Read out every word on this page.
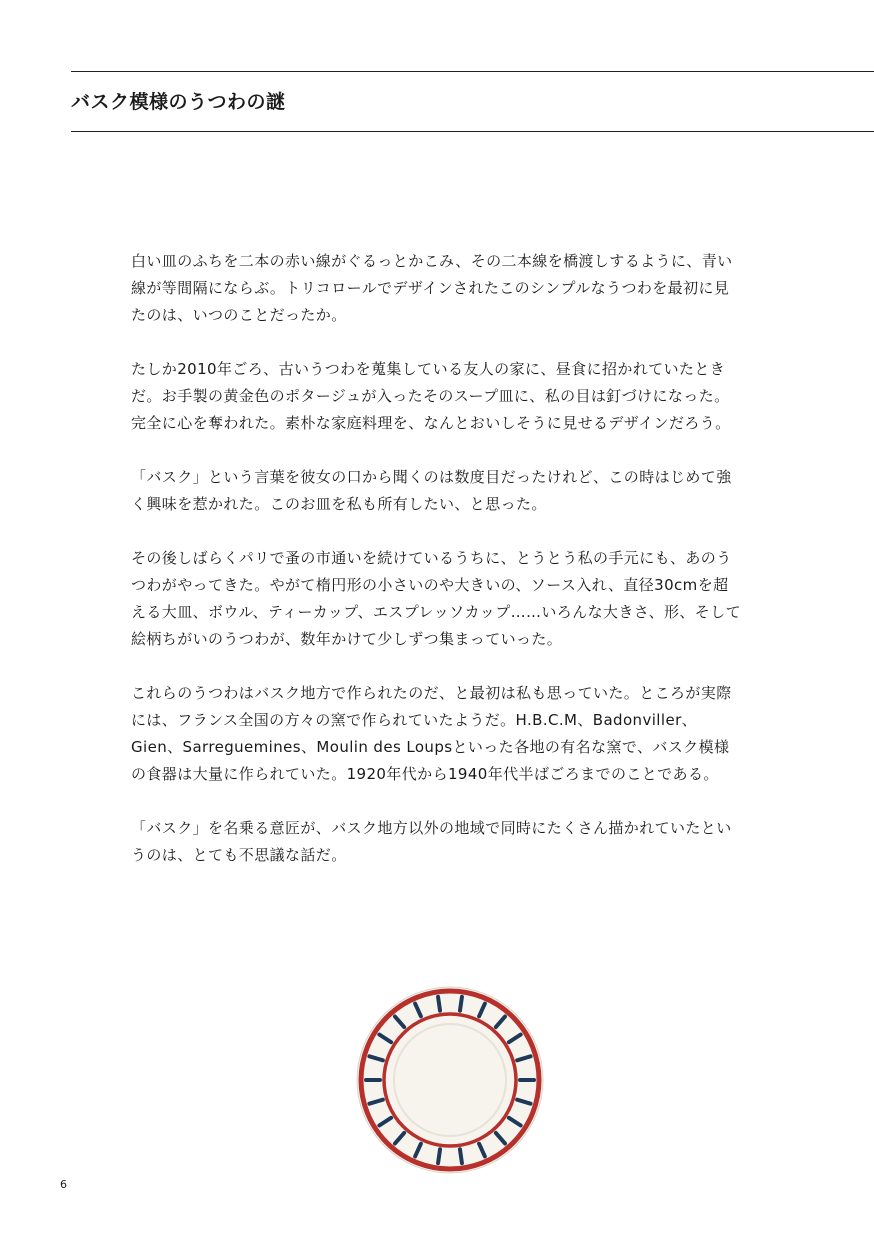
バスク模様のうつわの謎

白い皿のふちを二本の赤い線がぐるっとかこみ、その二本線を橋渡しするように、青い線が等間隔にならぶ。トリコロールでデザインされたこのシンプルなうつわを最初に見たのは、いつのことだったか。

たしか2010年ごろ、古いうつわを蒐集している友人の家に、昼食に招かれていたときだ。お手製の黄金色のポタージュが入ったそのスープ皿に、私の目は釘づけになった。完全に心を奪われた。素朴な家庭料理を、なんとおいしそうに見せるデザインだろう。

「バスク」という言葉を彼女の口から聞くのは数度目だったけれど、この時はじめて強く興味を惹かれた。このお皿を私も所有したい、と思った。

その後しばらくパリで蚤の市通いを続けているうちに、とうとう私の手元にも、あのうつわがやってきた。やがて楕円形の小さいのや大きいの、ソース入れ、直径30cmを超える大皿、ボウル、ティーカップ、エスプレッソカップ……いろんな大きさ、形、そして絵柄ちがいのうつわが、数年かけて少しずつ集まっていった。

これらのうつわはバスク地方で作られたのだ、と最初は私も思っていた。ところが実際には、フランス全国の方々の窯で作られていたようだ。H.B.C.M、Badonviller、Gien、Sarreguemines、Moulin des Loupsといった各地の有名な窯で、バスク模様の食器は大量に作られていた。1920年代から1940年代半ばごろまでのことである。

「バスク」を名乗る意匠が、バスク地方以外の地域で同時にたくさん描かれていたというのは、とても不思議な話だ。

6
